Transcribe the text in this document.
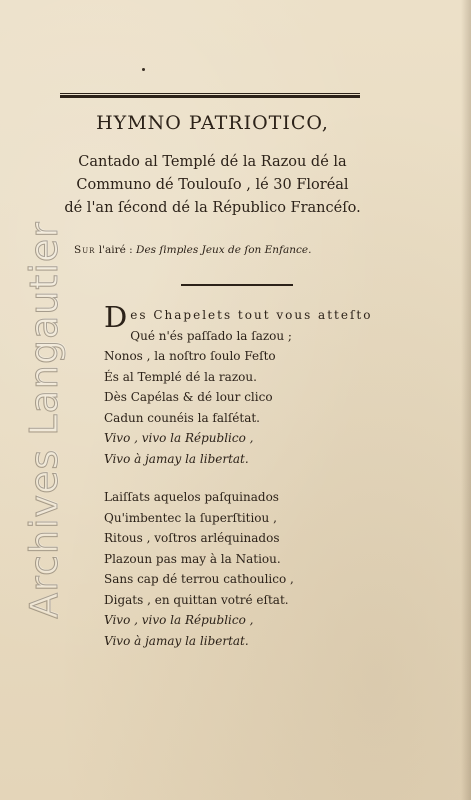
HYMNO PATRIOTICO,
Cantado al Templé dé la Razou dé la
Communo dé Toulouſo , lé 30 Floréal
dé l'an ſécond dé la Républico Francéſo.
Sur l'airé : Des ſimples Jeux de ſon Enfance.
Des Chapelets tout vous atteſto
Qué n'és paſſado la ſazou ;
Nonos , la noſtro ſoulo Feſto
És al Templé dé la razou.
Dès Capélas & dé lour clico
Cadun counéis la falſétat.
Vivo , vivo la Républico ,
Vivo à jamay la libertat.
Laiſſats aquelos paſquinados
Qu'imbentec la ſuperſtitiou ,
Ritous , voſtros arléquinados
Plazoun pas may à la Natiou.
Sans cap dé terrou cathoulico ,
Digats , en quittan votré eſtat.
Vivo , vivo la Républico ,
Vivo à jamay la libertat.
Archives Langautier
